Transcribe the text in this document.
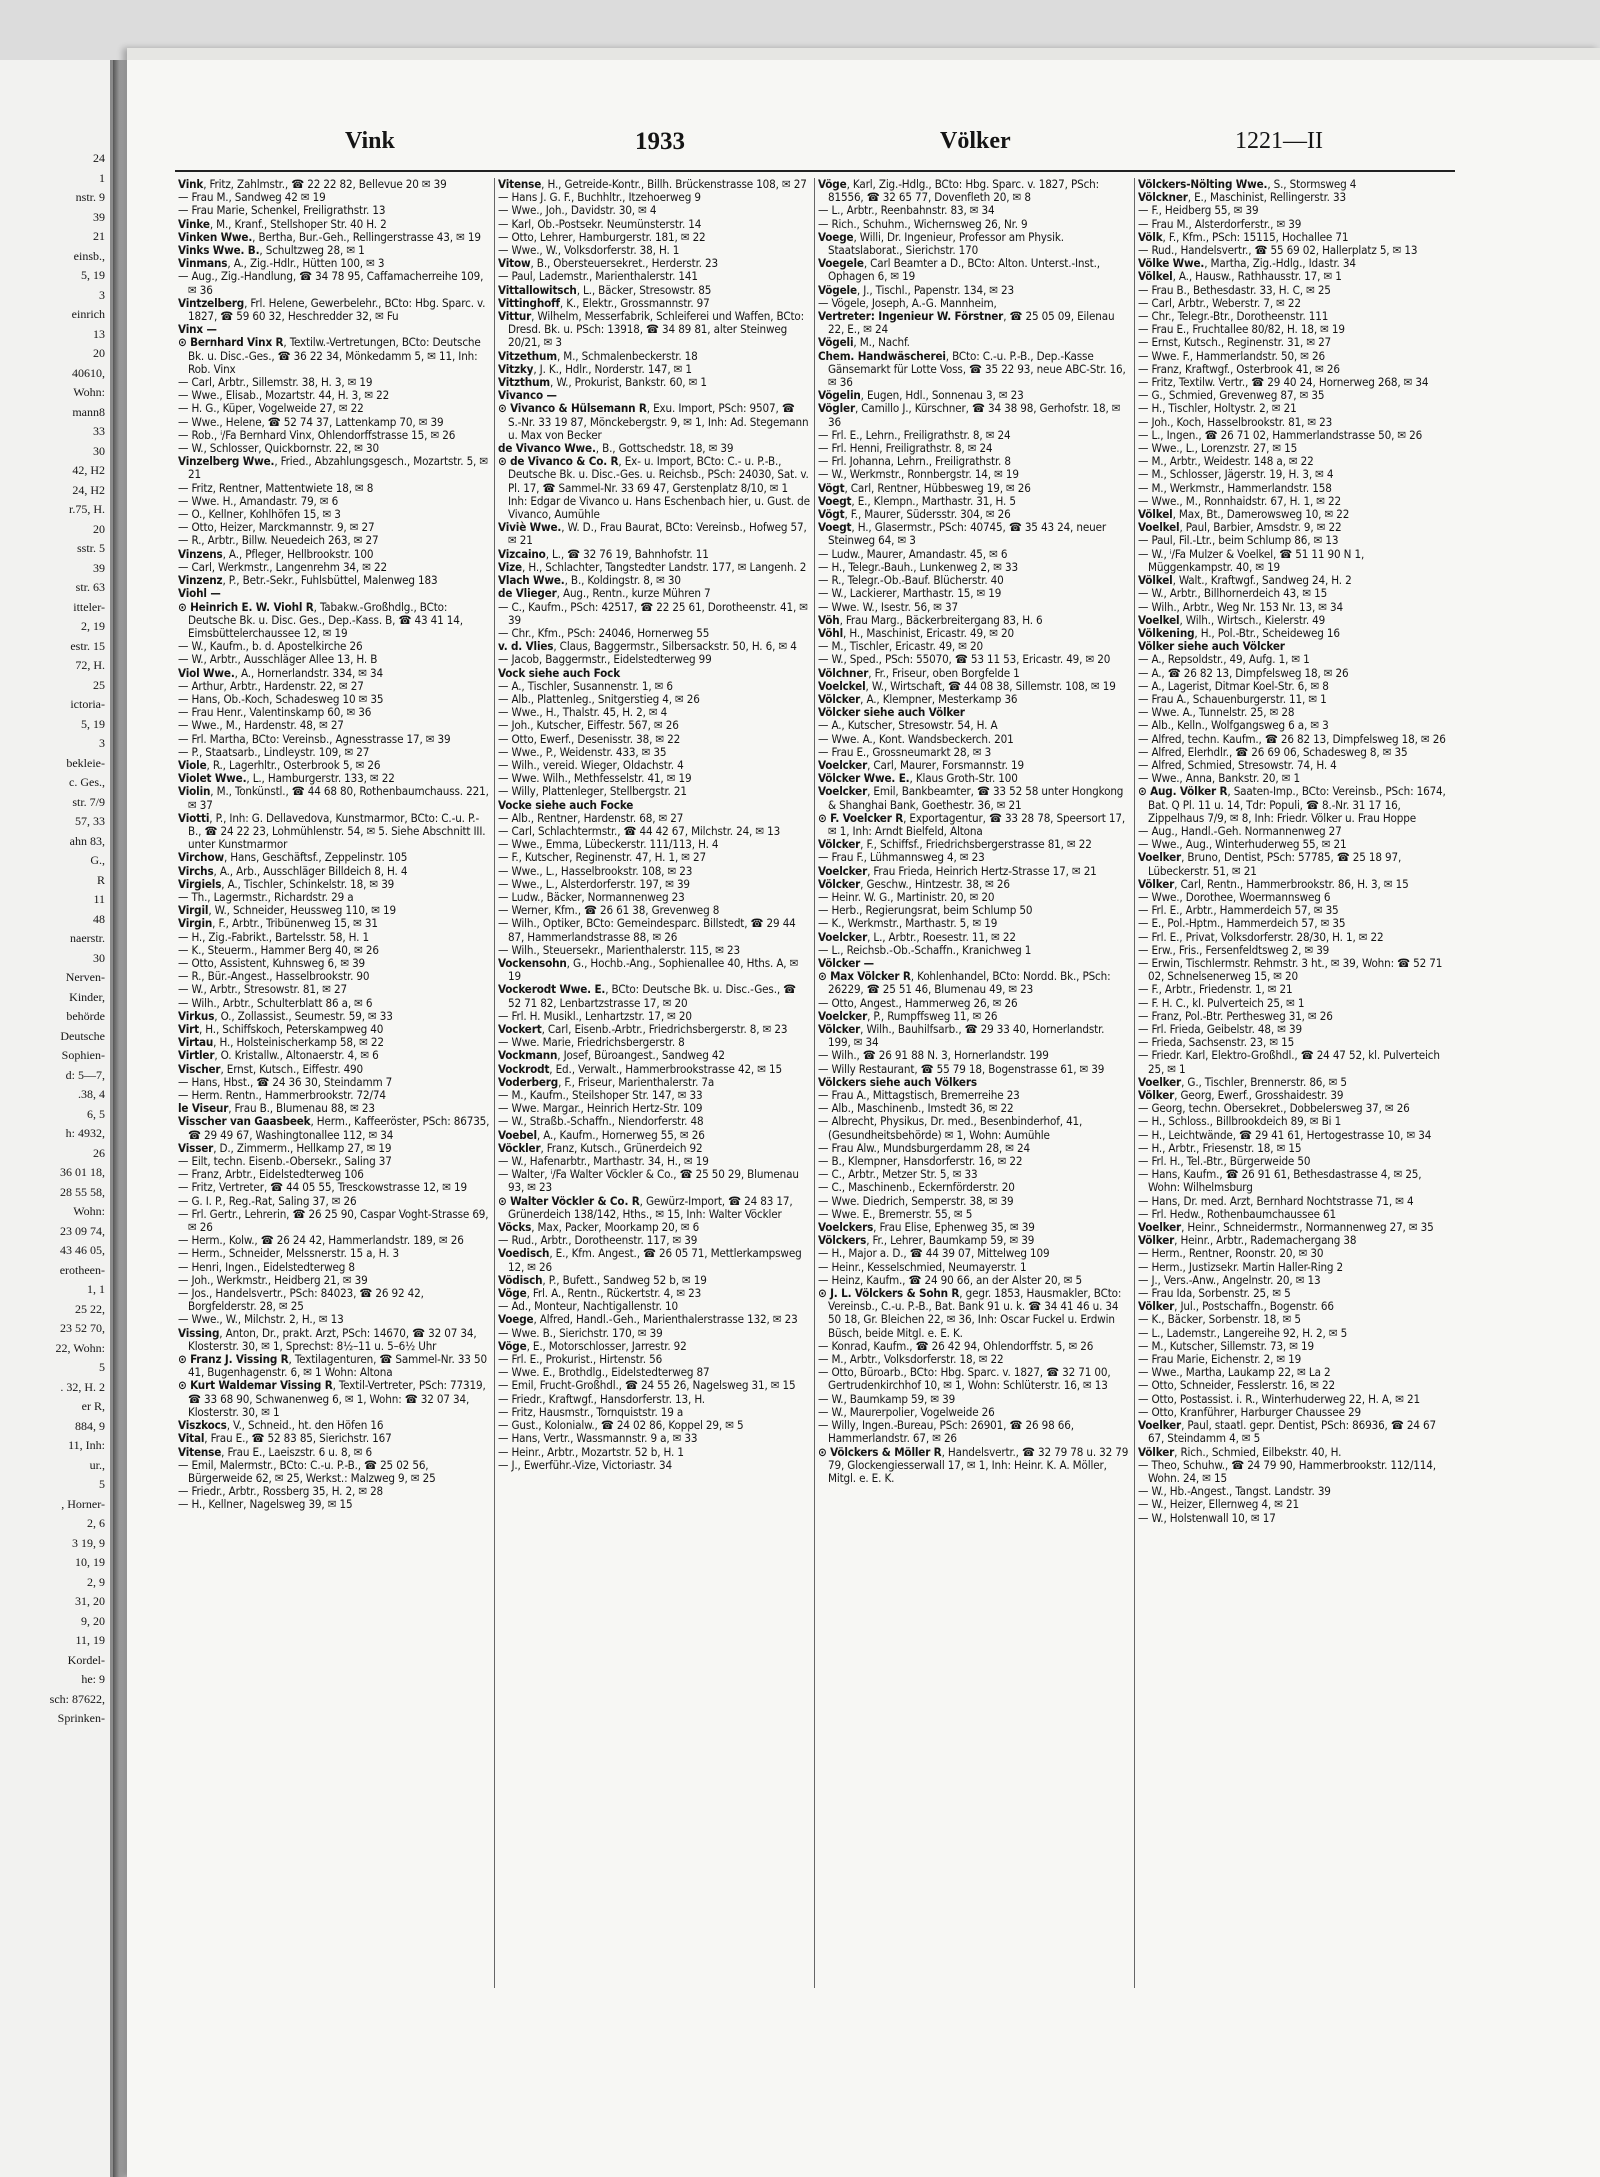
24
1
nstr. 9
39
21
einsb.,
5, 19
3
einrich
13
20
40610,
Wohn:
mann8
33
30
42, H2
24, H2
r.75, H.
20
sstr. 5
39
str. 63
itteler-
2, 19
estr. 15
72, H.
25
ictoria-
5, 19
3
bekleie-
c. Ges.,
str. 7/9
57, 33
ahn 83,
G.,
R
11
48
naerstr.
30
Nerven-
Kinder,
behörde
Deutsche
Sophien-
d: 5—7,
.38, 4
6, 5
h: 4932,
26
36 01 18,
28 55 58,
Wohn:
23 09 74,
43 46 05,
erotheen-
1, 1
25 22,
23 52 70,
22, Wohn:
5
. 32, H. 2
er R,
884, 9
11, Inh:
ur.,
5
, Horner-
2, 6
3 19, 9
10, 19
2, 9
31, 20
9, 20
11, 19
Kordel-
he: 9
sch: 87622,
Sprinken-
Vink	1933	Völker	1221—II

Vink, Fritz, Zahlmstr., ☎ 22 22 82, Bellevue 20 ✉ 39

— Frau M., Sandweg 42 ✉ 19

— Frau Marie, Schenkel, Freiligrathstr. 13

Vinke, M., Kranf., Stellshoper Str. 40 H. 2

Vinken Wwe., Bertha, Bur.-Geh., Rellingerstrasse 43, ✉ 19

Vinks Wwe. B., Schultzweg 28, ✉ 1

Vinmans, A., Zig.-Hdlr., Hütten 100, ✉ 3

— Aug., Zig.-Handlung, ☎ 34 78 95, Caffamacherreihe 109, ✉ 36

Vintzelberg, Frl. Helene, Gewerbelehr., BCto: Hbg. Sparc. v. 1827, ☎ 59 60 32, Heschredder 32, ✉ Fu

Vinx —

⊙ Bernhard Vinx R, Textilw.-Vertretungen, BCto: Deutsche Bk. u. Disc.-Ges., ☎ 36 22 34, Mönkedamm 5, ✉ 11, Inh: Rob. Vinx

— Carl, Arbtr., Sillemstr. 38, H. 3, ✉ 19

— Wwe., Elisab., Mozartstr. 44, H. 3, ✉ 22

— H. G., Küper, Vogelweide 27, ✉ 22

— Wwe., Helene, ☎ 52 74 37, Lattenkamp 70, ✉ 39

— Rob., ⁱ/Fa Bernhard Vinx, Ohlendorffstrasse 15, ✉ 26

— W., Schlosser, Quickbornstr. 22, ✉ 30

Vinzelberg Wwe., Fried., Abzahlungsgesch., Mozartstr. 5, ✉ 21

— Fritz, Rentner, Mattentwiete 18, ✉ 8

— Wwe. H., Amandastr. 79, ✉ 6

— O., Kellner, Kohlhöfen 15, ✉ 3

— Otto, Heizer, Marckmannstr. 9, ✉ 27

— R., Arbtr., Billw. Neuedeich 263, ✉ 27

Vinzens, A., Pfleger, Hellbrookstr. 100

— Carl, Werkmstr., Langenrehm 34, ✉ 22

Vinzenz, P., Betr.-Sekr., Fuhlsbüttel, Malenweg 183

Viohl —

⊙ Heinrich E. W. Viohl R, Tabakw.-Großhdlg., BCto: Deutsche Bk. u. Disc. Ges., Dep.-Kass. B, ☎ 43 41 14, Eimsbüttelerchaussee 12, ✉ 19

— W., Kaufm., b. d. Apostelkirche 26

— W., Arbtr., Ausschläger Allee 13, H. B

Viol Wwe., A., Hornerlandstr. 334, ✉ 34

— Arthur, Arbtr., Hardenstr. 22, ✉ 27

— Hans, Ob.-Koch, Schadesweg 10 ✉ 35

— Frau Henr., Valentinskamp 60, ✉ 36

— Wwe., M., Hardenstr. 48, ✉ 27

— Frl. Martha, BCto: Vereinsb., Agnesstrasse 17, ✉ 39

— P., Staatsarb., Lindleystr. 109, ✉ 27

Viole, R., Lagerhltr., Osterbrook 5, ✉ 26

Violet Wwe., L., Hamburgerstr. 133, ✉ 22

Violin, M., Tonkünstl., ☎ 44 68 80, Rothenbaumchauss. 221, ✉ 37

Viotti, P., Inh: G. Dellavedova, Kunstmarmor, BCto: C.-u. P.-B., ☎ 24 22 23, Lohmühlenstr. 54, ✉ 5. Siehe Abschnitt III. unter Kunstmarmor

Virchow, Hans, Geschäftsf., Zeppelinstr. 105

Virchs, A., Arb., Ausschläger Billdeich 8, H. 4

Virgiels, A., Tischler, Schinkelstr. 18, ✉ 39

— Th., Lagermstr., Richardstr. 29 a

Virgil, W., Schneider, Heussweg 110, ✉ 19

Virgin, F., Arbtr., Tribünenweg 15, ✉ 31

— H., Zig.-Fabrikt., Bartelsstr. 58, H. 1

— K., Steuerm., Hammer Berg 40, ✉ 26

— Otto, Assistent, Kuhnsweg 6, ✉ 39

— R., Bür.-Angest., Hasselbrookstr. 90

— W., Arbtr., Stresowstr. 81, ✉ 27

— Wilh., Arbtr., Schulterblatt 86 a, ✉ 6

Virkus, O., Zollassist., Seumestr. 59, ✉ 33

Virt, H., Schiffskoch, Peterskampweg 40

Virtau, H., Holsteinischerkamp 58, ✉ 22

Virtler, O. Kristallw., Altonaerstr. 4, ✉ 6

Vischer, Ernst, Kutsch., Eiffestr. 490

— Hans, Hbst., ☎ 24 36 30, Steindamm 7

— Herm. Rentn., Hammerbrookstr. 72/74

le Viseur, Frau B., Blumenau 88, ✉ 23

Visscher van Gaasbeek, Herm., Kaffeeröster, PSch: 86735, ☎ 29 49 67, Washingtonallee 112, ✉ 34

Visser, D., Zimmerm., Hellkamp 27, ✉ 19

— Eilt, techn. Eisenb.-Obersekr., Saling 37

— Franz, Arbtr., Eidelstedterweg 106

— Fritz, Vertreter, ☎ 44 05 55, Tresckowstrasse 12, ✉ 19

— G. I. P., Reg.-Rat, Saling 37, ✉ 26

— Frl. Gertr., Lehrerin, ☎ 26 25 90, Caspar Voght-Strasse 69, ✉ 26

— Herm., Kolw., ☎ 26 24 42, Hammerlandstr. 189, ✉ 26

— Herm., Schneider, Melssnerstr. 15 a, H. 3

— Henri, Ingen., Eidelstedterweg 8

— Joh., Werkmstr., Heidberg 21, ✉ 39

— Jos., Handelsvertr., PSch: 84023, ☎ 26 92 42, Borgfelderstr. 28, ✉ 25

— Wwe., W., Milchstr. 2, H., ✉ 13

Vissing, Anton, Dr., prakt. Arzt, PSch: 14670, ☎ 32 07 34, Klosterstr. 30, ✉ 1, Sprechst: 8½–11 u. 5–6½ Uhr

⊙ Franz J. Vissing R, Textilagenturen, ☎ Sammel-Nr. 33 50 41, Bugenhagenstr. 6, ✉ 1 Wohn: Altona

⊙ Kurt Waldemar Vissing R, Textil-Vertreter, PSch: 77319, ☎ 33 68 90, Schwanenweg 6, ✉ 1, Wohn: ☎ 32 07 34, Klosterstr. 30, ✉ 1

Viszkocs, V., Schneid., ht. den Höfen 16

Vital, Frau E., ☎ 52 83 85, Sierichstr. 167

Vitense, Frau E., Laeiszstr. 6 u. 8, ✉ 6

— Emil, Malermstr., BCto: C.-u. P.-B., ☎ 25 02 56, Bürgerweide 62, ✉ 25, Werkst.: Malzweg 9, ✉ 25

— Friedr., Arbtr., Rossberg 35, H. 2, ✉ 28

— H., Kellner, Nagelsweg 39, ✉ 15

Vitense, H., Getreide-Kontr., Billh. Brückenstrasse 108, ✉ 27

— Hans J. G. F., Buchhltr., Itzehoerweg 9

— Wwe., Joh., Davidstr. 30, ✉ 4

— Karl, Ob.-Postsekr. Neumünsterstr. 14

— Otto, Lehrer, Hamburgerstr. 181, ✉ 22

— Wwe., W., Volksdorferstr. 38, H. 1

Vitow, B., Obersteuersekret., Herderstr. 23

— Paul, Lademstr., Marienthalerstr. 141

Vittallowitsch, L., Bäcker, Stresowstr. 85

Vittinghoff, K., Elektr., Grossmannstr. 97

Vittur, Wilhelm, Messerfabrik, Schleiferei und Waffen, BCto: Dresd. Bk. u. PSch: 13918, ☎ 34 89 81, alter Steinweg 20/21, ✉ 3

Vitzethum, M., Schmalenbeckerstr. 18

Vitzky, J. K., Hdlr., Norderstr. 147, ✉ 1

Vitzthum, W., Prokurist, Bankstr. 60, ✉ 1

Vivanco —

⊙ Vivanco & Hülsemann R, Exu. Import, PSch: 9507, ☎ S.-Nr. 33 19 87, Mönckebergstr. 9, ✉ 1, Inh: Ad. Stegemann u. Max von Becker

de Vivanco Wwe., B., Gottschedstr. 18, ✉ 39

⊙ de Vivanco & Co. R, Ex- u. Import, BCto: C.- u. P.-B., Deutsche Bk. u. Disc.-Ges. u. Reichsb., PSch: 24030, Sat. v. Pl. 17, ☎ Sammel-Nr. 33 69 47, Gerstenplatz 8/10, ✉ 1 Inh: Edgar de Vivanco u. Hans Eschenbach hier, u. Gust. de Vivanco, Aumühle

Viviè Wwe., W. D., Frau Baurat, BCto: Vereinsb., Hofweg 57, ✉ 21

Vizcaino, L., ☎ 32 76 19, Bahnhofstr. 11

Vize, H., Schlachter, Tangstedter Landstr. 177, ✉ Langenh. 2

Vlach Wwe., B., Koldingstr. 8, ✉ 30

de Vlieger, Aug., Rentn., kurze Mühren 7

— C., Kaufm., PSch: 42517, ☎ 22 25 61, Dorotheenstr. 41, ✉ 39

— Chr., Kfm., PSch: 24046, Hornerweg 55

v. d. Vlies, Claus, Baggermstr., Silbersackstr. 50, H. 6, ✉ 4

— Jacob, Baggermstr., Eidelstedterweg 99

Vock siehe auch Fock

— A., Tischler, Susannenstr. 1, ✉ 6

— Alb., Plattenleg., Snitgerstieg 4, ✉ 26

— Wwe., H., Thalstr. 45, H. 2, ✉ 4

— Joh., Kutscher, Eiffestr. 567, ✉ 26

— Otto, Ewerf., Desenisstr. 38, ✉ 22

— Wwe., P., Weidenstr. 433, ✉ 35

— Wilh., vereid. Wieger, Oldachstr. 4

— Wwe. Wilh., Methfesselstr. 41, ✉ 19

— Willy, Plattenleger, Stellbergstr. 21

Vocke siehe auch Focke

— Alb., Rentner, Hardenstr. 68, ✉ 27

— Carl, Schlachtermstr., ☎ 44 42 67, Milchstr. 24, ✉ 13

— Wwe., Emma, Lübeckerstr. 111/113, H. 4

— F., Kutscher, Reginenstr. 47, H. 1, ✉ 27

— Wwe., L., Hasselbrookstr. 108, ✉ 23

— Wwe., L., Alsterdorferstr. 197, ✉ 39

— Ludw., Bäcker, Normannenweg 23

— Werner, Kfm., ☎ 26 61 38, Grevenweg 8

— Wilh., Optiker, BCto: Gemeindesparc. Billstedt, ☎ 29 44 87, Hammerlandstrasse 88, ✉ 26

— Wilh., Steuersekr., Marienthalerstr. 115, ✉ 23

Vockensohn, G., Hochb.-Ang., Sophienallee 40, Hths. A, ✉ 19

Vockerodt Wwe. E., BCto: Deutsche Bk. u. Disc.-Ges., ☎ 52 71 82, Lenbartzstrasse 17, ✉ 20

— Frl. H. Musikl., Lenhartzstr. 17, ✉ 20

Vockert, Carl, Eisenb.-Arbtr., Friedrichsbergerstr. 8, ✉ 23

— Wwe. Marie, Friedrichsbergerstr. 8

Vockmann, Josef, Büroangest., Sandweg 42

Vockrodt, Ed., Verwalt., Hammerbrookstrasse 42, ✉ 15

Voderberg, F., Friseur, Marienthalerstr. 7a

— M., Kaufm., Steilshoper Str. 147, ✉ 33

— Wwe. Margar., Heinrich Hertz-Str. 109

— W., Straßb.-Schaffn., Niendorferstr. 48

Voebel, A., Kaufm., Hornerweg 55, ✉ 26

Vöckler, Franz, Kutsch., Grünerdeich 92

— W., Hafenarbtr., Marthastr. 34, H., ✉ 19

— Walter, ⁱ/Fa Walter Vöckler & Co., ☎ 25 50 29, Blumenau 93, ✉ 23

⊙ Walter Vöckler & Co. R, Gewürz-Import, ☎ 24 83 17, Grünerdeich 138/142, Hths., ✉ 15, Inh: Walter Vöckler

Vöcks, Max, Packer, Moorkamp 20, ✉ 6

— Rud., Arbtr., Dorotheenstr. 117, ✉ 39

Voedisch, E., Kfm. Angest., ☎ 26 05 71, Mettlerkampsweg 12, ✉ 26

Vödisch, P., Bufett., Sandweg 52 b, ✉ 19

Vöge, Frl. A., Rentn., Rückertstr. 4, ✉ 23

— Ad., Monteur, Nachtigallenstr. 10

Voege, Alfred, Handl.-Geh., Marienthalerstrasse 132, ✉ 23

— Wwe. B., Sierichstr. 170, ✉ 39

Vöge, E., Motorschlosser, Jarrestr. 92

— Frl. E., Prokurist., Hirtenstr. 56

— Wwe. E., Brothdlg., Eidelstedterweg 87

— Emil, Frucht-Großhdl., ☎ 24 55 26, Nagelsweg 31, ✉ 15

— Friedr., Kraftwgf., Hansdorferstr. 13, H.

— Fritz, Hausmstr., Tornquiststr. 19 a

— Gust., Kolonialw., ☎ 24 02 86, Koppel 29, ✉ 5

— Hans, Vertr., Wassmannstr. 9 a, ✉ 33

— Heinr., Arbtr., Mozartstr. 52 b, H. 1

— J., Ewerführ.-Vize, Victoriastr. 34

Vöge, Karl, Zig.-Hdlg., BCto: Hbg. Sparc. v. 1827, PSch: 81556, ☎ 32 65 77, Dovenfleth 20, ✉ 8

— L., Arbtr., Reenbahnstr. 83, ✉ 34

— Rich., Schuhm., Wichernsweg 26, Nr. 9

Voege, Willi, Dr. Ingenieur, Professor am Physik. Staatslaborat., Sierichstr. 170

Voegele, Carl Beamter a D., BCto: Alton. Unterst.-Inst., Ophagen 6, ✉ 19

Vögele, J., Tischl., Papenstr. 134, ✉ 23

— Vögele, Joseph, A.-G. Mannheim,

Vertreter: Ingenieur W. Förstner, ☎ 25 05 09, Eilenau 22, E., ✉ 24

Vögeli, M., Nachf.

Chem. Handwäscherei, BCto: C.-u. P.-B., Dep.-Kasse Gänsemarkt für Lotte Voss, ☎ 35 22 93, neue ABC-Str. 16, ✉ 36

Vögelin, Eugen, Hdl., Sonnenau 3, ✉ 23

Vögler, Camillo J., Kürschner, ☎ 34 38 98, Gerhofstr. 18, ✉ 36

— Frl. E., Lehrn., Freiligrathstr. 8, ✉ 24

— Frl. Henni, Freiligrathstr. 8, ✉ 24

— Frl. Johanna, Lehrn., Freiligrathstr. 8

— W., Werkmstr., Ronnbergstr. 14, ✉ 19

Vögt, Carl, Rentner, Hübbesweg 19, ✉ 26

Voegt, E., Klempn., Marthastr. 31, H. 5

Vögt, F., Maurer, Südersstr. 304, ✉ 26

Voegt, H., Glasermstr., PSch: 40745, ☎ 35 43 24, neuer Steinweg 64, ✉ 3

— Ludw., Maurer, Amandastr. 45, ✉ 6

— H., Telegr.-Bauh., Lunkenweg 2, ✉ 33

— R., Telegr.-Ob.-Bauf. Blücherstr. 40

— W., Lackierer, Marthastr. 15, ✉ 19

— Wwe. W., Isestr. 56, ✉ 37

Vöh, Frau Marg., Bäckerbreitergang 83, H. 6

Vöhl, H., Maschinist, Ericastr. 49, ✉ 20

— M., Tischler, Ericastr. 49, ✉ 20

— W., Sped., PSch: 55070, ☎ 53 11 53, Ericastr. 49, ✉ 20

Völchner, Fr., Friseur, oben Borgfelde 1

Voelckel, W., Wirtschaft, ☎ 44 08 38, Sillemstr. 108, ✉ 19

Völcker, A., Klempner, Mesterkamp 36

Völcker siehe auch Völker

— A., Kutscher, Stresowstr. 54, H. A

— Wwe. A., Kont. Wandsbeckerch. 201

— Frau E., Grossneumarkt 28, ✉ 3

Voelcker, Carl, Maurer, Forsmannstr. 19

Völcker Wwe. E., Klaus Groth-Str. 100

Voelcker, Emil, Bankbeamter, ☎ 33 52 58 unter Hongkong & Shanghai Bank, Goethestr. 36, ✉ 21

⊙ F. Voelcker R, Exportagentur, ☎ 33 28 78, Speersort 17, ✉ 1, Inh: Arndt Bielfeld, Altona

Völcker, F., Schiffsf., Friedrichsbergerstrasse 81, ✉ 22

— Frau F., Lühmannsweg 4, ✉ 23

Voelcker, Frau Frieda, Heinrich Hertz-Strasse 17, ✉ 21

Völcker, Geschw., Hintzestr. 38, ✉ 26

— Heinr. W. G., Martinistr. 20, ✉ 20

— Herb., Regierungsrat, beim Schlump 50

— K., Werkmstr., Marthastr. 5, ✉ 19

Voelcker, L., Arbtr., Roesestr. 11, ✉ 22

— L., Reichsb.-Ob.-Schaffn., Kranichweg 1

Völcker —

⊙ Max Völcker R, Kohlenhandel, BCto: Nordd. Bk., PSch: 26229, ☎ 25 51 46, Blumenau 49, ✉ 23

— Otto, Angest., Hammerweg 26, ✉ 26

Voelcker, P., Rumpffsweg 11, ✉ 26

Völcker, Wilh., Bauhilfsarb., ☎ 29 33 40, Hornerlandstr. 199, ✉ 34

— Wilh., ☎ 26 91 88 N. 3, Hornerlandstr. 199

— Willy Restaurant, ☎ 55 79 18, Bogenstrasse 61, ✉ 39

Völckers siehe auch Völkers

— Frau A., Mittagstisch, Bremerreihe 23

— Alb., Maschinenb., Imstedt 36, ✉ 22

— Albrecht, Physikus, Dr. med., Besenbinderhof, 41, (Gesundheitsbehörde) ✉ 1, Wohn: Aumühle

— Frau Alw., Mundsburgerdamm 28, ✉ 24

— B., Klempner, Hansdorferstr. 16, ✉ 22

— C., Arbtr., Metzer Str. 5, ✉ 33

— C., Maschinenb., Eckernförderstr. 20

— Wwe. Diedrich, Semperstr. 38, ✉ 39

— Wwe. E., Bremerstr. 55, ✉ 5

Voelckers, Frau Elise, Ephenweg 35, ✉ 39

Völckers, Fr., Lehrer, Baumkamp 59, ✉ 39

— H., Major a. D., ☎ 44 39 07, Mittelweg 109

— Heinr., Kesselschmied, Neumayerstr. 1

— Heinz, Kaufm., ☎ 24 90 66, an der Alster 20, ✉ 5

⊙ J. L. Völckers & Sohn R, gegr. 1853, Hausmakler, BCto: Vereinsb., C.-u. P.-B., Bat. Bank 91 u. k. ☎ 34 41 46 u. 34 50 18, Gr. Bleichen 22, ✉ 36, Inh: Oscar Fuckel u. Erdwin Büsch, beide Mitgl. e. E. K.

— Konrad, Kaufm., ☎ 26 42 94, Ohlendorffstr. 5, ✉ 26

— M., Arbtr., Volksdorferstr. 18, ✉ 22

— Otto, Büroarb., BCto: Hbg. Sparc. v. 1827, ☎ 32 71 00, Gertrudenkirchhof 10, ✉ 1, Wohn: Schlüterstr. 16, ✉ 13

— W., Baumkamp 59, ✉ 39

— W., Maurerpolier, Vogelweide 26

— Willy, Ingen.-Bureau, PSch: 26901, ☎ 26 98 66, Hammerlandstr. 67, ✉ 26

⊙ Völckers & Möller R, Handelsvertr., ☎ 32 79 78 u. 32 79 79, Glockengiesserwall 17, ✉ 1, Inh: Heinr. K. A. Möller, Mitgl. e. E. K.

Völckers-Nölting Wwe., S., Stormsweg 4

Völckner, E., Maschinist, Rellingerstr. 33

— F., Heidberg 55, ✉ 39

— Frau M., Alsterdorferstr., ✉ 39

Völk, F., Kfm., PSch: 15115, Hochallee 71

— Rud., Handelsvertr., ☎ 55 69 02, Hallerplatz 5, ✉ 13

Völke Wwe., Martha, Zig.-Hdlg., Idastr. 34

Völkel, A., Hausw., Rathhausstr. 17, ✉ 1

— Frau B., Bethesdastr. 33, H. C, ✉ 25

— Carl, Arbtr., Weberstr. 7, ✉ 22

— Chr., Telegr.-Btr., Dorotheenstr. 111

— Frau E., Fruchtallee 80/82, H. 18, ✉ 19

— Ernst, Kutsch., Reginenstr. 31, ✉ 27

— Wwe. F., Hammerlandstr. 50, ✉ 26

— Franz, Kraftwgf., Osterbrook 41, ✉ 26

— Fritz, Textilw. Vertr., ☎ 29 40 24, Hornerweg 268, ✉ 34

— G., Schmied, Grevenweg 87, ✉ 35

— H., Tischler, Holtystr. 2, ✉ 21

— Joh., Koch, Hasselbrookstr. 81, ✉ 23

— L., Ingen., ☎ 26 71 02, Hammerlandstrasse 50, ✉ 26

— Wwe., L., Lorenzstr. 27, ✉ 15

— M., Arbtr., Weidestr. 148 a, ✉ 22

— M., Schlosser, Jägerstr. 19, H. 3, ✉ 4

— M., Werkmstr., Hammerlandstr. 158

— Wwe., M., Ronnhaidstr. 67, H. 1, ✉ 22

Völkel, Max, Bt., Damerowsweg 10, ✉ 22

Voelkel, Paul, Barbier, Amsdstr. 9, ✉ 22

— Paul, Fil.-Ltr., beim Schlump 86, ✉ 13

— W., ⁱ/Fa Mulzer & Voelkel, ☎ 51 11 90 N 1, Müggenkampstr. 40, ✉ 19

Völkel, Walt., Kraftwgf., Sandweg 24, H. 2

— W., Arbtr., Billhornerdeich 43, ✉ 15

— Wilh., Arbtr., Weg Nr. 153 Nr. 13, ✉ 34

Voelkel, Wilh., Wirtsch., Kielerstr. 49

Völkening, H., Pol.-Btr., Scheideweg 16

Völker siehe auch Völcker

— A., Repsoldstr., 49, Aufg. 1, ✉ 1

— A., ☎ 26 82 13, Dimpfelsweg 18, ✉ 26

— A., Lagerist, Ditmar Koel-Str. 6, ✉ 8

— Frau A., Schauenburgerstr. 11, ✉ 1

— Wwe. A., Tunnelstr. 25, ✉ 28

— Alb., Kelln., Wolfgangsweg 6 a, ✉ 3

— Alfred, techn. Kaufm., ☎ 26 82 13, Dimpfelsweg 18, ✉ 26

— Alfred, Elerhdlr., ☎ 26 69 06, Schadesweg 8, ✉ 35

— Alfred, Schmied, Stresowstr. 74, H. 4

— Wwe., Anna, Bankstr. 20, ✉ 1

⊙ Aug. Völker R, Saaten-Imp., BCto: Vereinsb., PSch: 1674, Bat. Q Pl. 11 u. 14, Tdr: Populi, ☎ 8.-Nr. 31 17 16, Zippelhaus 7/9, ✉ 8, Inh: Friedr. Völker u. Frau Hoppe

— Aug., Handl.-Geh. Normannenweg 27

— Wwe., Aug., Winterhuderweg 55, ✉ 21

Voelker, Bruno, Dentist, PSch: 57785, ☎ 25 18 97, Lübeckerstr. 51, ✉ 21

Völker, Carl, Rentn., Hammerbrookstr. 86, H. 3, ✉ 15

— Wwe., Dorothee, Woermannsweg 6

— Frl. E., Arbtr., Hammerdeich 57, ✉ 35

— E., Pol.-Hptm., Hammerdeich 57, ✉ 35

— Frl. E., Privat, Volksdorferstr. 28/30, H. 1, ✉ 22

— Erw., Fris., Fersenfeldtsweg 2, ✉ 39

— Erwin, Tischlermstr. Rehmstr. 3 ht., ✉ 39, Wohn: ☎ 52 71 02, Schnelsenerweg 15, ✉ 20

— F., Arbtr., Friedenstr. 1, ✉ 21

— F. H. C., kl. Pulverteich 25, ✉ 1

— Franz, Pol.-Btr. Perthesweg 31, ✉ 26

— Frl. Frieda, Geibelstr. 48, ✉ 39

— Frieda, Sachsenstr. 23, ✉ 15

— Friedr. Karl, Elektro-Großhdl., ☎ 24 47 52, kl. Pulverteich 25, ✉ 1

Voelker, G., Tischler, Brennerstr. 86, ✉ 5

Völker, Georg, Ewerf., Grosshaidestr. 39

— Georg, techn. Obersekret., Dobbelersweg 37, ✉ 26

— H., Schloss., Billbrookdeich 89, ✉ Bi 1

— H., Leichtwände, ☎ 29 41 61, Hertogestrasse 10, ✉ 34

— H., Arbtr., Friesenstr. 18, ✉ 15

— Frl. H., Tel.-Btr., Bürgerweide 50

— Hans, Kaufm., ☎ 26 91 61, Bethesdastrasse 4, ✉ 25, Wohn: Wilhelmsburg

— Hans, Dr. med. Arzt, Bernhard Nochtstrasse 71, ✉ 4

— Frl. Hedw., Rothenbaumchaussee 61

Voelker, Heinr., Schneidermstr., Normannenweg 27, ✉ 35

Völker, Heinr., Arbtr., Rademachergang 38

— Herm., Rentner, Roonstr. 20, ✉ 30

— Herm., Justizsekr. Martin Haller-Ring 2

— J., Vers.-Anw., Angelnstr. 20, ✉ 13

— Frau Ida, Sorbenstr. 25, ✉ 5

Völker, Jul., Postschaffn., Bogenstr. 66

— K., Bäcker, Sorbenstr. 18, ✉ 5

— L., Lademstr., Langereihe 92, H. 2, ✉ 5

— M., Kutscher, Sillemstr. 73, ✉ 19

— Frau Marie, Eichenstr. 2, ✉ 19

— Wwe., Martha, Laukamp 22, ✉ La 2

— Otto, Schneider, Fesslerstr. 16, ✉ 22

— Otto, Postassist. i. R., Winterhuderweg 22, H. A, ✉ 21

— Otto, Kranführer, Harburger Chaussee 29

Voelker, Paul, staatl. gepr. Dentist, PSch: 86936, ☎ 24 67 67, Steindamm 4, ✉ 5

Völker, Rich., Schmied, Eilbekstr. 40, H.

— Theo, Schuhw., ☎ 24 79 90, Hammerbrookstr. 112/114, Wohn. 24, ✉ 15

— W., Hb.-Angest., Tangst. Landstr. 39

— W., Heizer, Ellernweg 4, ✉ 21

— W., Holstenwall 10, ✉ 17
